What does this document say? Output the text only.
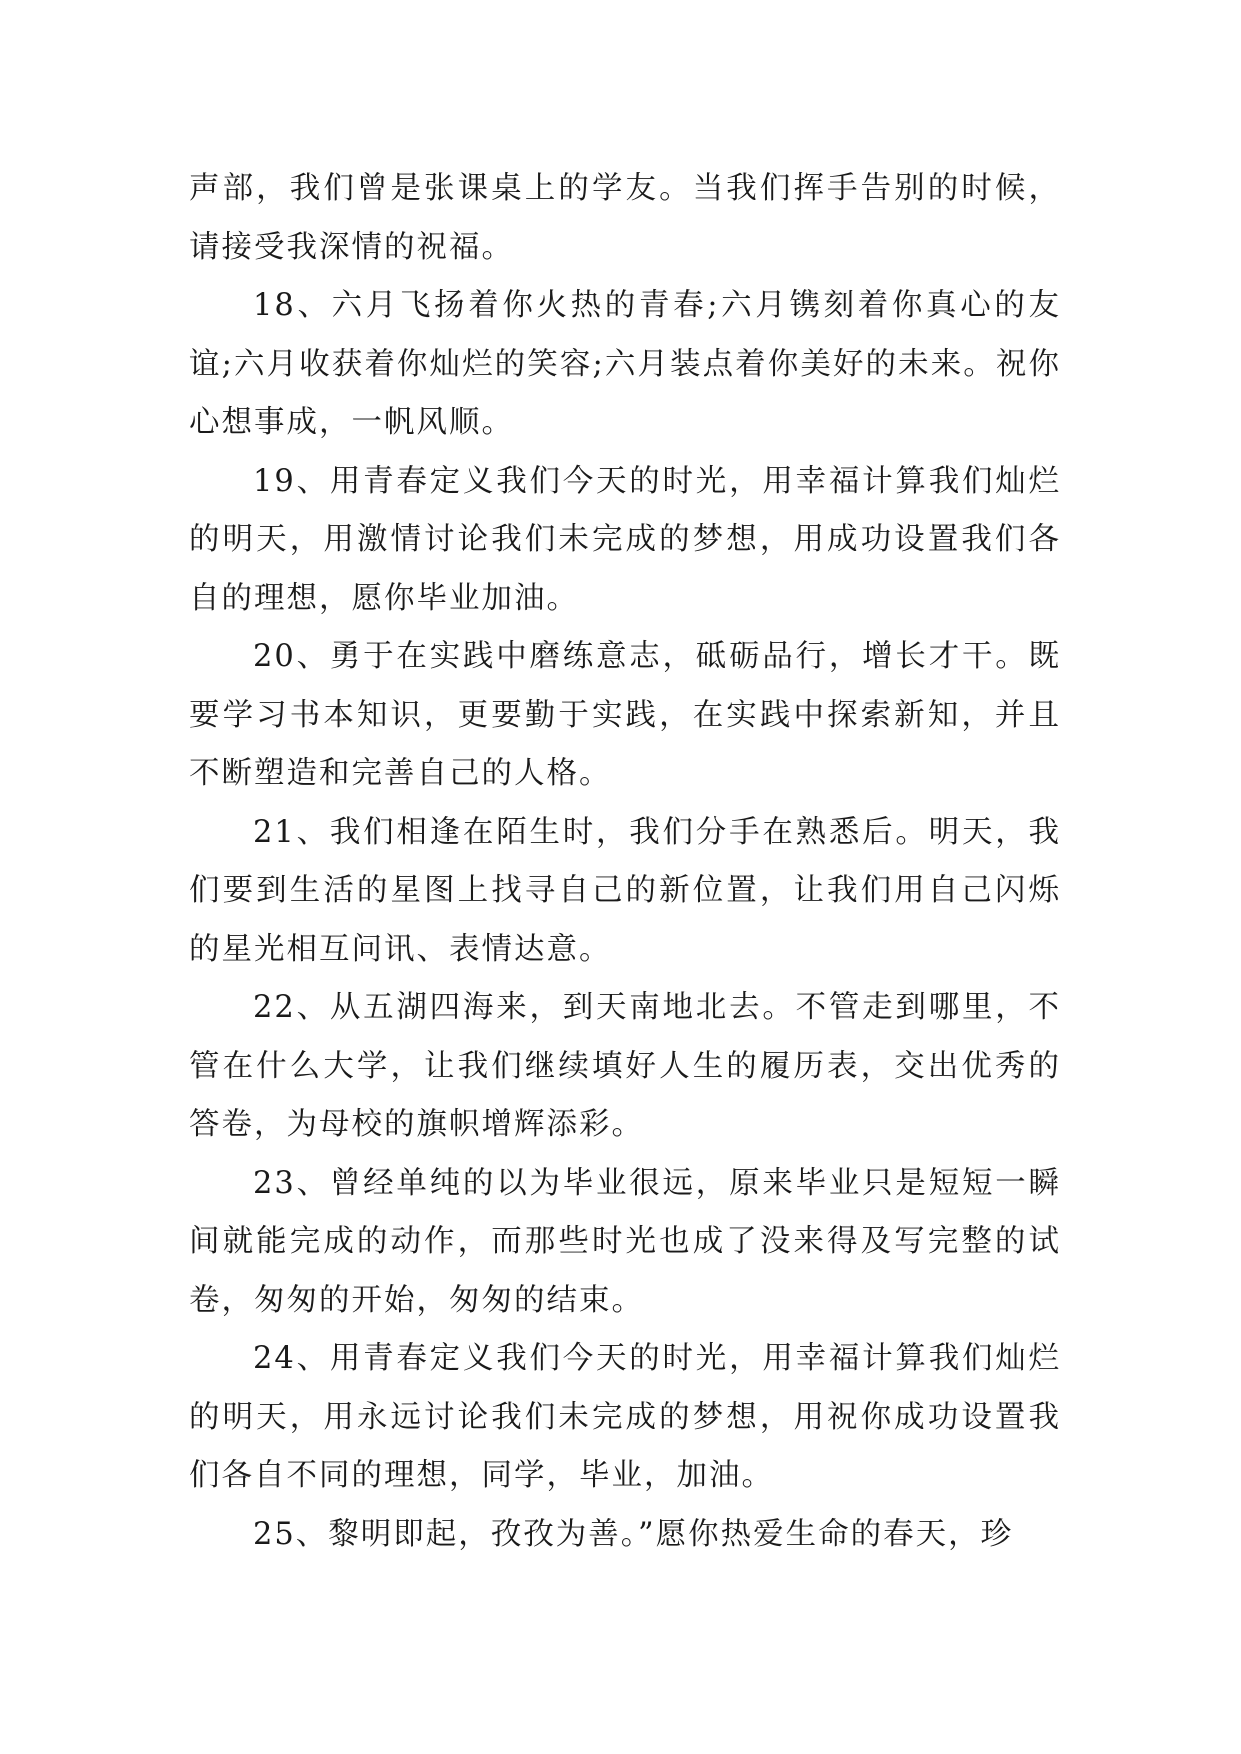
声部，我们曾是张课桌上的学友。当我们挥手告别的时候，请接受我深情的祝福。

18、六月飞扬着你火热的青春;六月镌刻着你真心的友谊;六月收获着你灿烂的笑容;六月装点着你美好的未来。祝你心想事成，一帆风顺。

19、用青春定义我们今天的时光，用幸福计算我们灿烂的明天，用激情讨论我们未完成的梦想，用成功设置我们各自的理想，愿你毕业加油。

20、勇于在实践中磨练意志，砥砺品行，增长才干。既要学习书本知识，更要勤于实践，在实践中探索新知，并且不断塑造和完善自己的人格。

21、我们相逢在陌生时，我们分手在熟悉后。明天，我们要到生活的星图上找寻自己的新位置，让我们用自己闪烁的星光相互问讯、表情达意。

22、从五湖四海来，到天南地北去。不管走到哪里，不管在什么大学，让我们继续填好人生的履历表，交出优秀的答卷，为母校的旗帜增辉添彩。

23、曾经单纯的以为毕业很远，原来毕业只是短短一瞬间就能完成的动作，而那些时光也成了没来得及写完整的试卷，匆匆的开始，匆匆的结束。

24、用青春定义我们今天的时光，用幸福计算我们灿烂的明天，用永远讨论我们未完成的梦想，用祝你成功设置我们各自不同的理想，同学，毕业，加油。

25、黎明即起，孜孜为善。”愿你热爱生命的春天，珍
